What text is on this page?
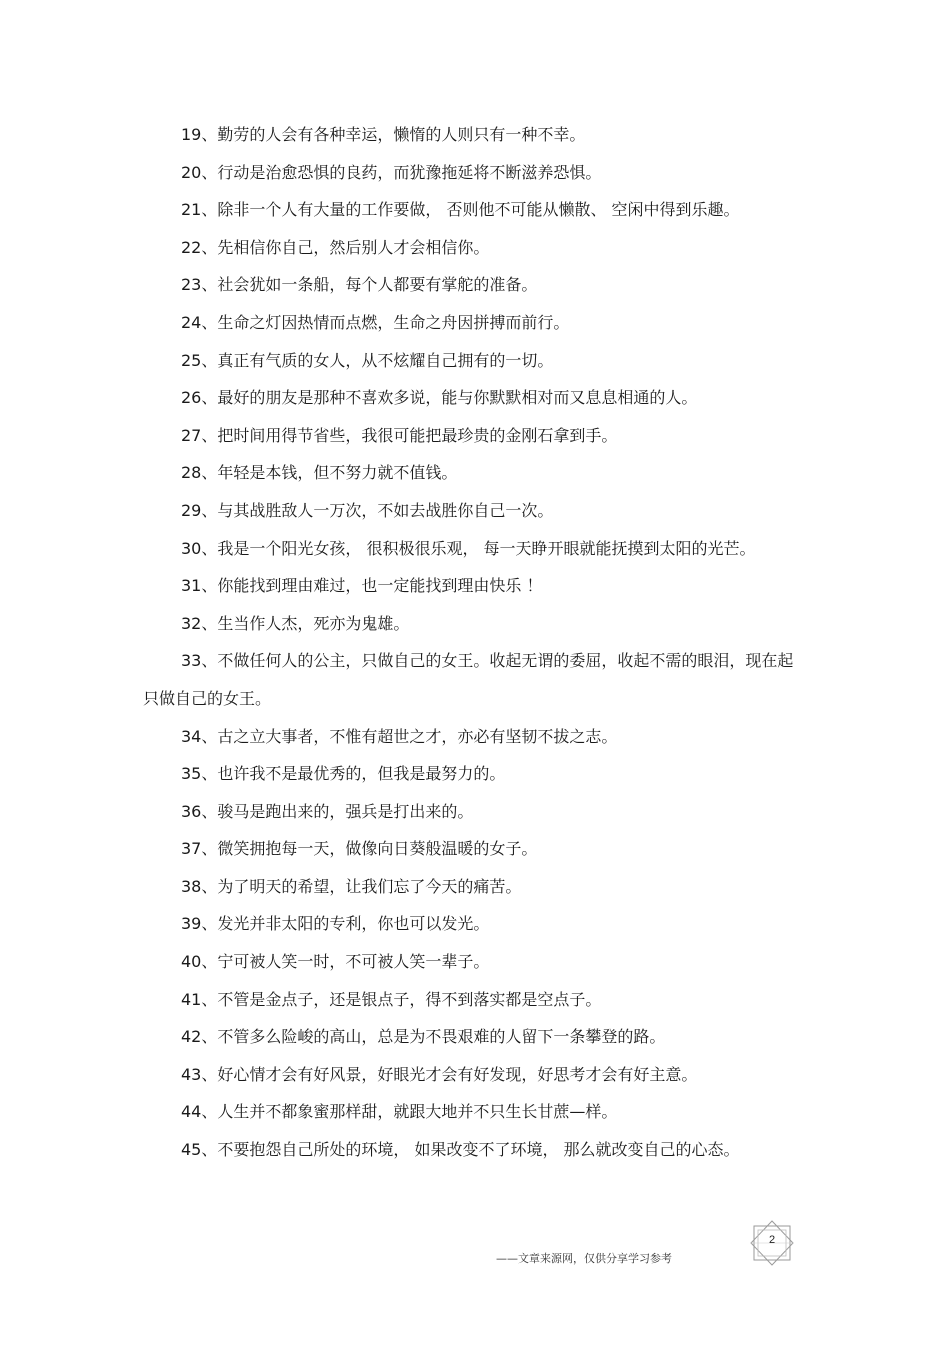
19、勤劳的人会有各种幸运，懒惰的人则只有一种不幸。
20、行动是治愈恐惧的良药，而犹豫拖延将不断滋养恐惧。
21、除非一个人有大量的工作要做， 否则他不可能从懒散、 空闲中得到乐趣。
22、先相信你自己，然后别人才会相信你。
23、社会犹如一条船，每个人都要有掌舵的准备。
24、生命之灯因热情而点燃，生命之舟因拼搏而前行。
25、真正有气质的女人，从不炫耀自己拥有的一切。
26、最好的朋友是那种不喜欢多说，能与你默默相对而又息息相通的人。
27、把时间用得节省些，我很可能把最珍贵的金刚石拿到手。
28、年轻是本钱，但不努力就不值钱。
29、与其战胜敌人一万次，不如去战胜你自己一次。
30、我是一个阳光女孩， 很积极很乐观， 每一天睁开眼就能抚摸到太阳的光芒。
31、你能找到理由难过，也一定能找到理由快乐 ！
32、生当作人杰，死亦为鬼雄。
33、不做任何人的公主，只做自己的女王。收起无谓的委屈，收起不需的眼泪，现在起只做自己的女王。
34、古之立大事者，不惟有超世之才，亦必有坚韧不拔之志。
35、也许我不是最优秀的，但我是最努力的。
36、骏马是跑出来的，强兵是打出来的。
37、微笑拥抱每一天，做像向日葵般温暖的女子。
38、为了明天的希望，让我们忘了今天的痛苦。
39、发光并非太阳的专利，你也可以发光。
40、宁可被人笑一时，不可被人笑一辈子。
41、不管是金点子，还是银点子，得不到落实都是空点子。
42、不管多么险峻的高山，总是为不畏艰难的人留下一条攀登的路。
43、好心情才会有好风景，好眼光才会有好发现，好思考才会有好主意。
44、人生并不都象蜜那样甜，就跟大地并不只生长甘蔗—样。
45、不要抱怨自己所处的环境， 如果改变不了环境， 那么就改变自己的心态。
2
——文章来源网，仅供分享学习参考
